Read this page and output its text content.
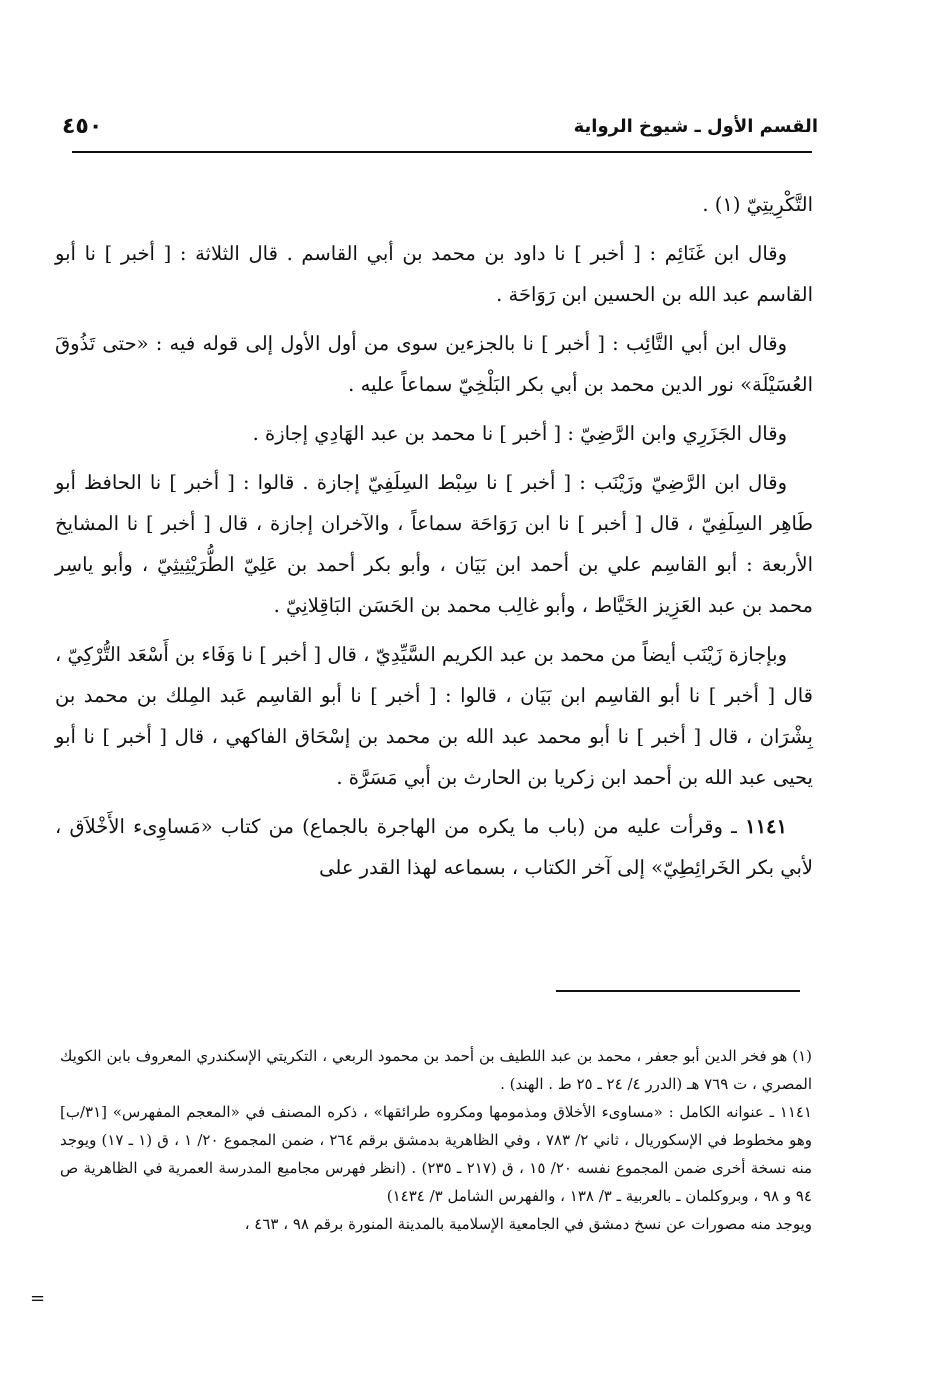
٤٥٠	القسم الأول ـ شيوخ الرواية

التَّكْرِيتِيّ (١) .

وقال ابن غَنَائِم : [ أخبر ] نا داود بن محمد بن أبي القاسم . قال الثلاثة : [ أخبر ] نا أبو القاسم عبد الله بن الحسين ابن رَوَاحَة .

وقال ابن أبي التَّائِب : [ أخبر ] نا بالجزءين سوى من أول الأول إلى قوله فيه : «حتى تَذُوقَ العُسَيْلَة» نور الدين محمد بن أبي بكر البَلْخِيّ سماعاً عليه .

وقال الجَزَرِي وابن الرَّضِيّ : [ أخبر ] نا محمد بن عبد الهَادِي إجازة .

وقال ابن الرَّضِيّ وزَيْنَب : [ أخبر ] نا سِبْط السِلَفِيّ إجازة . قالوا : [ أخبر ] نا الحافظ أبو طَاهِر السِلَفِيّ ، قال [ أخبر ] نا ابن رَوَاحَة سماعاً ، والآخران إجازة ، قال [ أخبر ] نا المشايخ الأربعة : أبو القاسِم علي بن أحمد ابن بَيَان ، وأبو بكر أحمد بن عَلِيّ الطُّرَيْثِيثِيّ ، وأبو ياسِر محمد بن عبد العَزِيز الخَيَّاط ، وأبو غالِب محمد بن الحَسَن البَاقِلانِيّ .

وبإجازة زَيْنَب أيضاً من محمد بن عبد الكريم السَّيِّدِيّ ، قال [ أخبر ] نا وَفَاء بن أَسْعَد التُّرْكِيّ ، قال [ أخبر ] نا أبو القاسِم ابن بَيَان ، قالوا : [ أخبر ] نا أبو القاسِم عَبد المِلك بن محمد بن بِشْرَان ، قال [ أخبر ] نا أبو محمد عبد الله بن محمد بن إسْحَاق الفاكهي ، قال [ أخبر ] نا أبو يحيى عبد الله بن أحمد ابن زكريا بن الحارث بن أبي مَسَرَّة .

١١٤١ ـ وقرأت عليه من (باب ما يكره من الهاجرة بالجماع) من كتاب «مَساوِىء الأَخْلاَق ، لأبي بكر الخَرائِطِيّ» إلى آخر الكتاب ، بسماعه لهذا القدر على

(١) هو فخر الدين أبو جعفر ، محمد بن عبد اللطيف بن أحمد بن محمود الربعي ، التكريتي الإسكندري المعروف بابن الكويك المصري ، ت ٧٦٩ هـ (الدرر ٤/ ٢٤ ـ ٢٥ ط . الهند) .

١١٤١ ـ عنوانه الكامل : «مساوىء الأخلاق ومذمومها ومكروه طرائقها» ، ذكره المصنف في «المعجم المفهرس» [٣١/ب] وهو مخطوط في الإسكوريال ، ثاني ٢/ ٧٨٣ ، وفي الظاهرية بدمشق برقم ٢٦٤ ، ضمن المجموع ٢٠/ ١ ، ق (١ ـ ١٧) ويوجد منه نسخة أخرى ضمن المجموع نفسه ٢٠/ ١٥ ، ق (٢١٧ ـ ٢٣٥) . (انظر فهرس مجاميع المدرسة العمرية في الظاهرية ص ٩٤ و ٩٨ ، وبروكلمان ـ بالعربية ـ ٣/ ١٣٨ ، والفهرس الشامل ٣/ ١٤٣٤)

ويوجد منه مصورات عن نسخ دمشق في الجامعية الإسلامية بالمدينة المنورة برقم ٩٨ ، ٤٦٣ ،

=
